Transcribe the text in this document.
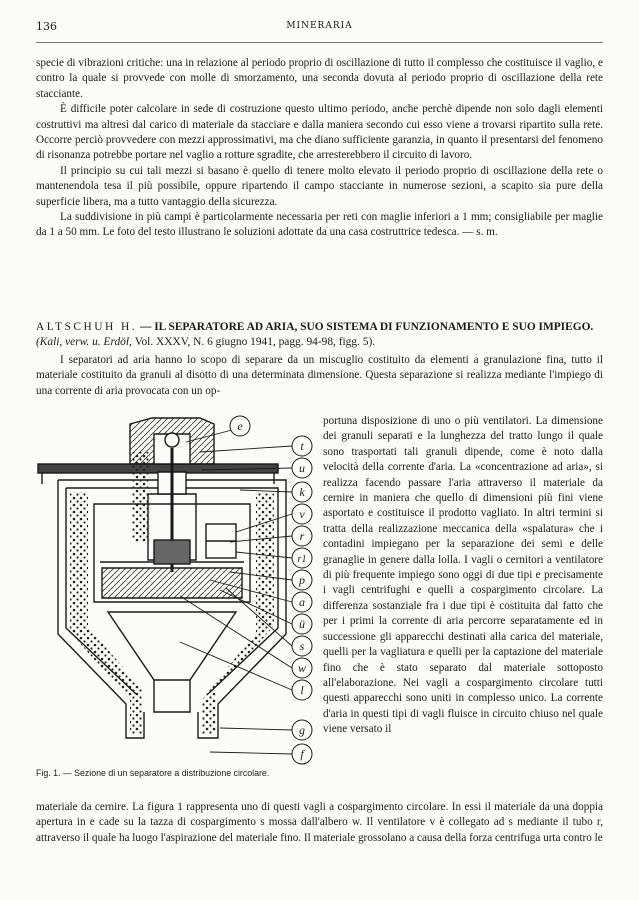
136	MINERARIA

specie di vibrazioni critiche: una in relazione al periodo proprio di oscillazione di tutto il complesso che costituisce il vaglio, e contro la quale si provvede con molle di smorzamento, una seconda dovuta al periodo proprio di oscillazione della rete stacciante.

È difficile poter calcolare in sede di costruzione questo ultimo periodo, anche perchè dipende non solo dagli elementi costruttivi ma altresì dal carico di materiale da stacciare e dalla maniera secondo cui esso viene a trovarsi ripartito sulla rete. Occorre perciò provvedere con mezzi approssimativi, ma che diano sufficiente garanzia, in quanto il presentarsi del fenomeno di risonanza potrebbe portare nel vaglio a rotture sgradite, che arresterebbero il circuito di lavoro.

Il principio su cui tali mezzi si basano è quello di tenere molto elevato il periodo proprio di oscillazione della rete o mantenendola tesa il più possibile, oppure ripartendo il campo stacciante in numerose sezioni, a scapito sia pure della superficie libera, ma a tutto vantaggio della sicurezza.

La suddivisione in più campi è particolarmente necessaria per reti con maglie inferiori a 1 mm; consigliabile per maglie da 1 a 50 mm. Le foto del testo illustrano le soluzioni adottate da una casa costruttrice tedesca. — s. m.

ALTSCHUH H. — IL SEPARATORE AD ARIA, SUO SISTEMA DI FUNZIONAMENTO E SUO IMPIEGO. (Kali, verw. u. Erdöl, Vol. XXXV, N. 6 giugno 1941, pagg. 94-98, figg. 5).
I separatori ad aria hanno lo scopo di separare da un miscuglio costituito da elementi a granulazione fina, tutto il materiale costituito da granuli al disotto di una determinata dimensione. Questa separazione si realizza mediante l'impiego di una corrente di aria provocata con un op-
e
t
u
k
v
r
r1
p
a
ü
s
w
l
g
f
Fig. 1. — Sezione di un separatore a distribuzione circolare.
portuna disposizione di uno o più ventilatori. La dimensione dei granuli separati e la lunghezza del tratto lungo il quale sono trasportati tali granuli dipende, come è noto dalla velocità della corrente d'aria. La «concentrazione ad aria», si realizza facendo passare l'aria attraverso il materiale da cernire in maniera che quello di dimensioni più fini viene asportato e costituisce il prodotto vagliato. In altri termini si tratta della realizzazione meccanica della «spalatura» che i contadini impiegano per la separazione dei semi e delle granaglie in genere dalla lolla. I vagli o cernitori a ventilatore di più frequente impiego sono oggi di due tipi e precisamente i vagli centrifughi e quelli a cospargimento circolare. La differenza sostanziale fra i due tipi è costituita dal fatto che per i primi la corrente di aria percorre separatamente ed in successione gli apparecchi destinati alla carica del materiale, quelli per la vagliatura e quelli per la captazione del materiale fino che è stato separato dal materiale sottoposto all'elaborazione. Nei vagli a cospargimento circolare tutti questi apparecchi sono uniti in complesso unico. La corrente d'aria in questi tipi di vagli fluisce in circuito chiuso nel quale viene versato il
materiale da cernire. La figura 1 rappresenta uno di questi vagli a cospargimento circolare. In essi il materiale da una doppia apertura in e cade su la tazza di cospargimento s mossa dall'albero w. Il ventilatore v è collegato ad s mediante il tubo r, attraverso il quale ha luogo l'aspirazione del materiale fino. Il materiale grossolano a causa della forza centrifuga urta contro le
